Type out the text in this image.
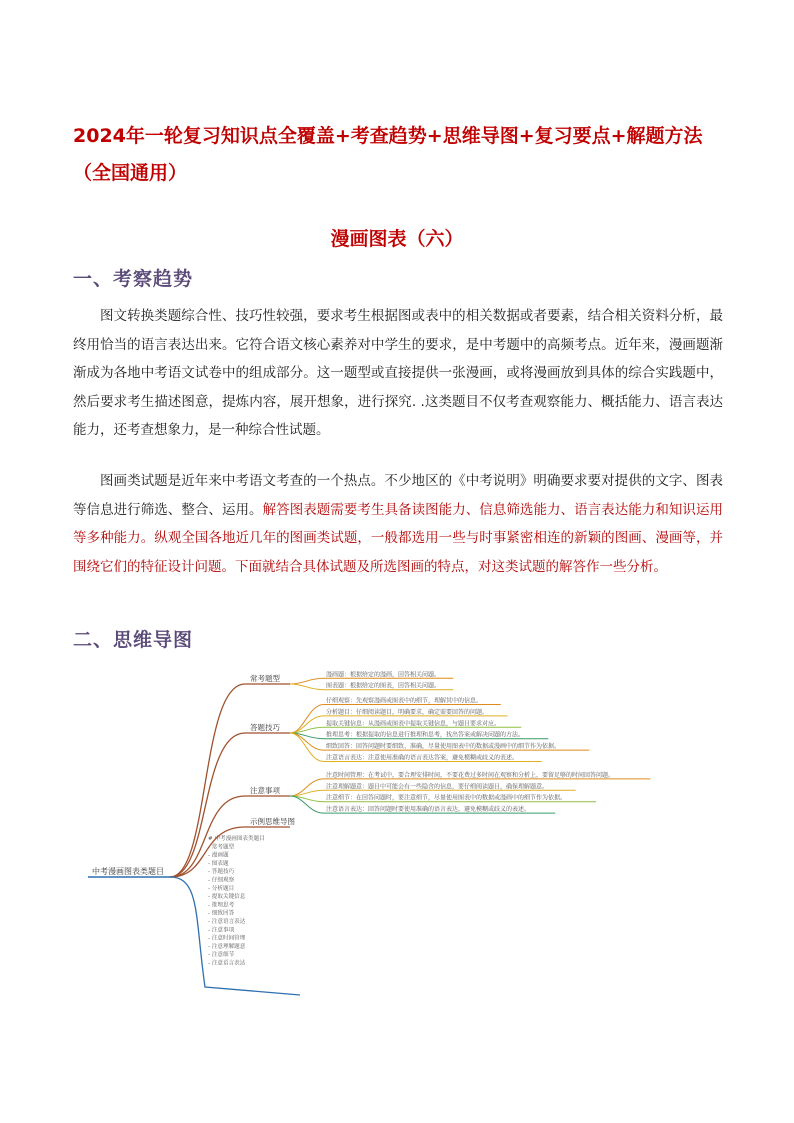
2024年一轮复习知识点全覆盖+考查趋势+思维导图+复习要点+解题方法（全国通用）
漫画图表（六）
一、考察趋势

图文转换类题综合性、技巧性较强，要求考生根据图或表中的相关数据或者要素，结合相关资料分析，最终用恰当的语言表达出来。它符合语文核心素养对中学生的要求，是中考题中的高频考点。近年来，漫画题渐渐成为各地中考语文试卷中的组成部分。这一题型或直接提供一张漫画，或将漫画放到具体的综合实践题中，然后要求考生描述图意，提炼内容，展开想象，进行探究. .这类题目不仅考查观察能力、概括能力、语言表达能力，还考查想象力，是一种综合性试题。

图画类试题是近年来中考语文考查的一个热点。不少地区的《中考说明》明确要求要对提供的文字、图表等信息进行筛选、整合、运用。解答图表题需要考生具备读图能力、信息筛选能力、语言表达能力和知识运用等多种能力。纵观全国各地近几年的图画类试题，一般都选用一些与时事紧密相连的新颖的图画、漫画等，并围绕它们的特征设计问题。下面就结合具体试题及所选图画的特点，对这类试题的解答作一些分析。

二、思维导图
中考漫画图表类题目
常考题型	漫画题：根据给定的漫画，回答相关问题。
图表题：根据给定的图表，回答相关问题。
答题技巧
仔细观察：先观察漫画或图表中的细节，理解其中的信息。
分析题目：仔细阅读题目，明确要求，确定需要回答的问题。
提取关键信息：从漫画或图表中提取关键信息，与题目要求对应。
推理思考：根据提取的信息进行推理和思考，找出答案或解决问题的方法。
细致回答：回答问题时要细致、准确，尽量使用图表中的数据或漫画中的细节作为依据。
注意语言表达：注意使用准确的语言表达答案，避免模糊或歧义的表述。
注意事项
注意时间管理：在考试中，要合理安排时间，不要花费过多时间在观察和分析上，要留足够的时间回答问题。
注意理解题意：题目中可能会有一些隐含的信息，要仔细阅读题目，确保理解题意。
注意细节：在回答问题时，要注意细节，尽量使用图表中的数据或漫画中的细节作为依据。
注意语言表达：回答问题时要使用准确的语言表达，避免模糊或歧义的表述。
示例思维导图
# 中考漫画图表类题目
- 常考题型
- 漫画题
- 图表题
- 答题技巧
- 仔细观察
- 分析题目
- 提取关键信息
- 推理思考
- 细致回答
- 注意语言表达
- 注意事项
- 注意时间管理
- 注意理解题意
- 注意细节
- 注意语言表达
